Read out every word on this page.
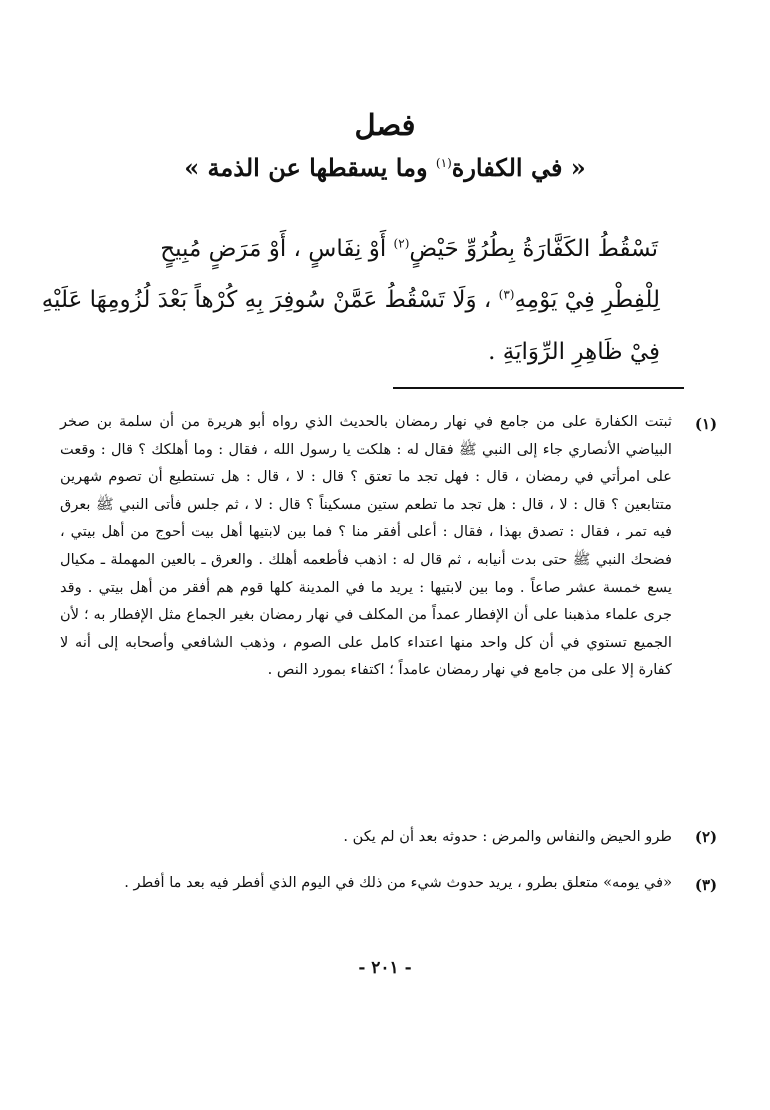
فصل
« في الكفارة$^{(١)}$ وما يسقطها عن الذمة »
تَسْقُطُ الكَفَّارَةُ بِطُرُوِّ حَيْضٍ$^{(٢)}$ أَوْ نِفَاسٍ ، أَوْ مَرَضٍ مُبِيحٍ
لِلْفِطْرِ فِيْ يَوْمِهِ$^{(٣)}$ ، وَلَا تَسْقُطُ عَمَّنْ سُوفِرَ بِهِ كُرْهاً بَعْدَ لُزُومِهَا عَلَيْهِ
فِيْ ظَاهِرِ الرِّوَايَةِ .
(١)
ثبتت الكفارة على من جامع في نهار رمضان بالحديث الذي رواه أبو هريرة من أن سلمة بن صخر البياضي الأنصاري جاء إلى النبي ﷺ فقال له : هلكت يا رسول الله ، فقال : وما أهلكك ؟ قال : وقعت على امرأتي في رمضان ، قال : فهل تجد ما تعتق ؟ قال : لا ، قال : هل تستطيع أن تصوم شهرين متتابعين ؟ قال : لا ، قال : هل تجد ما تطعم ستين مسكيناً ؟ قال : لا ، ثم جلس فأتى النبي ﷺ بعرق فيه تمر ، فقال : تصدق بهذا ، فقال : أعلى أفقر منا ؟ فما بين لابتيها أهل بيت أحوج من أهل بيتي ، فضحك النبي ﷺ حتى بدت أنيابه ، ثم قال له : اذهب فأطعمه أهلك . والعرق ـ بالعين المهملة ـ مكيال يسع خمسة عشر صاعاً . وما بين لابتيها : يريد ما في المدينة كلها قوم هم أفقر من أهل بيتي . وقد جرى علماء مذهبنا على أن الإفطار عمداً من المكلف في نهار رمضان بغير الجماع مثل الإفطار به ؛ لأن الجميع تستوي في أن كل واحد منها اعتداء كامل على الصوم ، وذهب الشافعي وأصحابه إلى أنه لا كفارة إلا على من جامع في نهار رمضان عامداً ؛ اكتفاء بمورد النص .
(٢)
طرو الحيض والنفاس والمرض : حدوثه بعد أن لم يكن .
(٣)
«في يومه» متعلق بطرو ، يريد حدوث شيء من ذلك في اليوم الذي أفطر فيه بعد ما أفطر .
- ٢٠١ -
